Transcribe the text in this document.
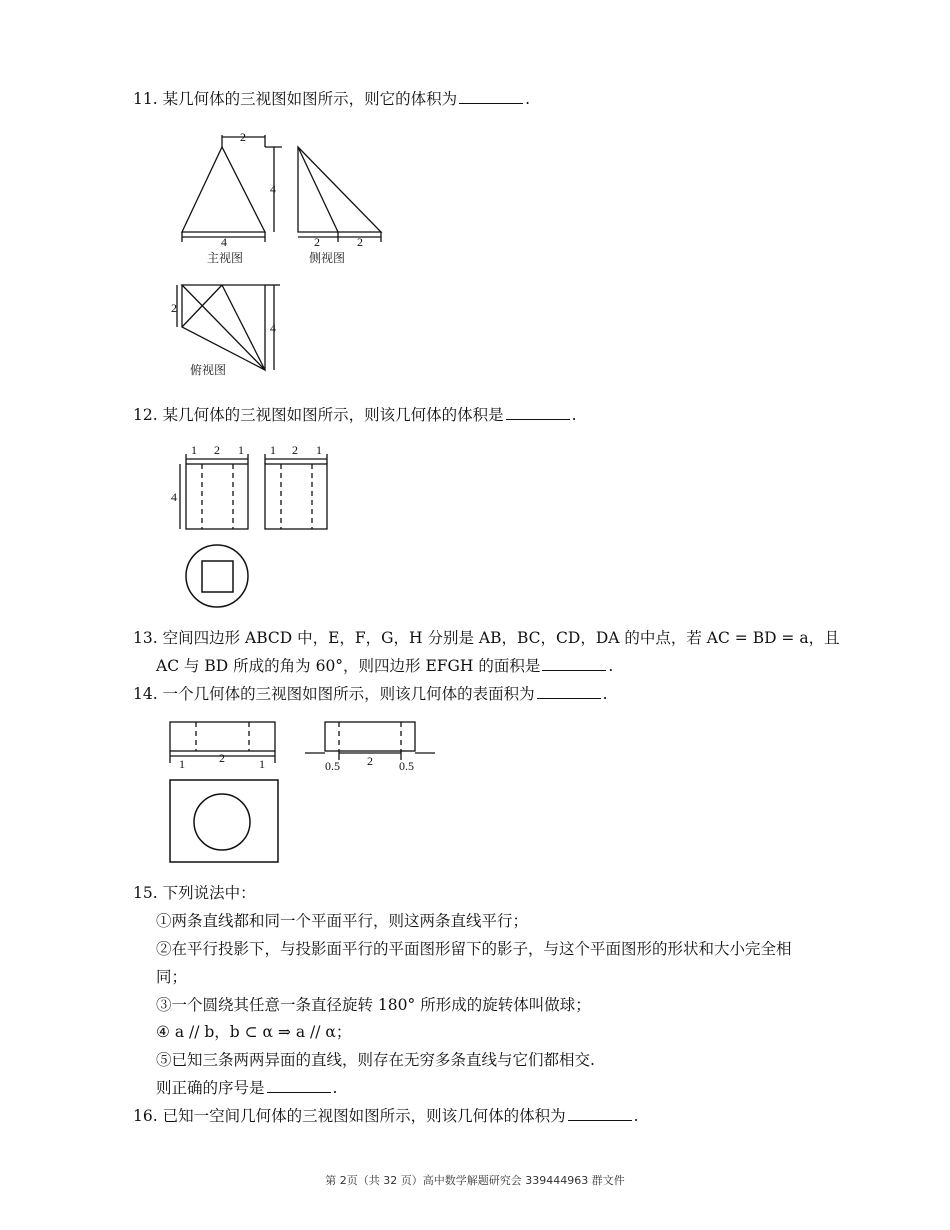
11. 某几何体的三视图如图所示，则它的体积为	.
2
4
4
主视图
2	2
侧视图
2
4
俯视图
12. 某几何体的三视图如图所示，则该几何体的体积是	.
1 2 1
4
1 2 1
13. 空间四边形 ABCD 中，E，F，G，H 分别是 AB，BC，CD，DA 的中点，若 AC = BD = a，且
AC 与 BD 所成的角为 60°，则四边形 EFGH 的面积是	.
14. 一个几何体的三视图如图所示，则该几何体的表面积为	.
1	2	1	0.5 2 0.5
15. 下列说法中：
①两条直线都和同一个平面平行，则这两条直线平行；
②在平行投影下，与投影面平行的平面图形留下的影子，与这个平面图形的形状和大小完全相
同；
③一个圆绕其任意一条直径旋转 180° 所形成的旋转体叫做球；
④ a // b，b ⊂ α ⇒ a // α；
⑤已知三条两两异面的直线，则存在无穷多条直线与它们都相交.
则正确的序号是	.
16. 已知一空间几何体的三视图如图所示，则该几何体的体积为	.
第 2页（共 32 页）高中数学解题研究会 339444963 群文件
